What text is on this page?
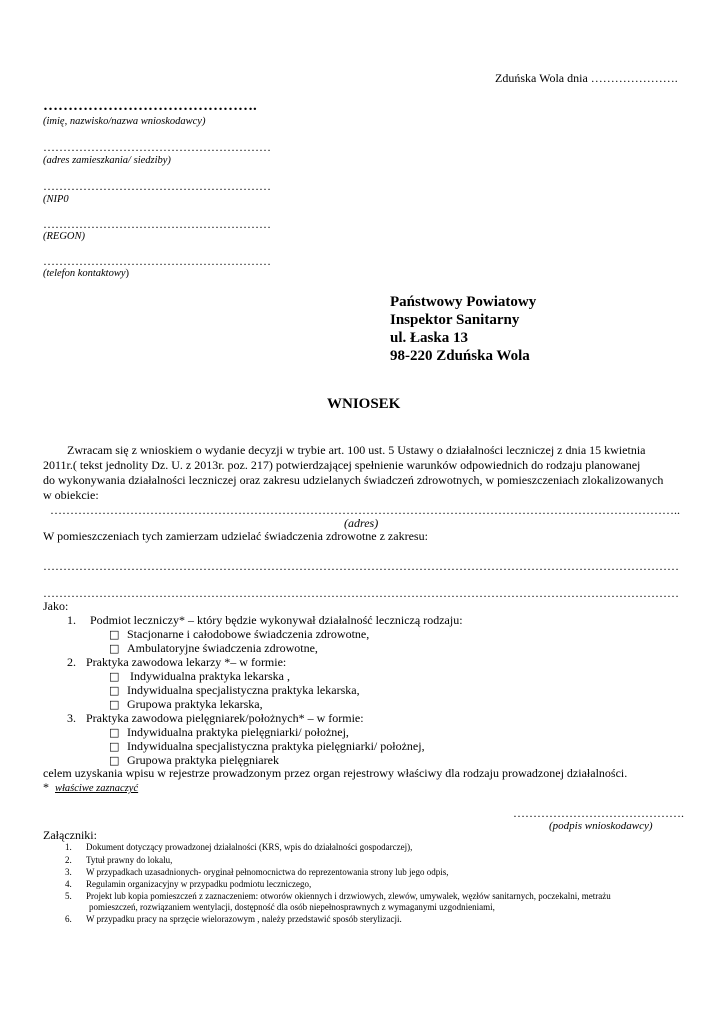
Zduńska Wola dnia ………………….
…………………………………….
(imię, nazwisko/nazwa wnioskodawcy)
…………………………………………………
(adres zamieszkania/ siedziby)
…………………………………………………
(NIP0
…………………………………………………
(REGON)
…………………………………………………
(telefon kontaktowy)
Państwowy Powiatowy
Inspektor Sanitarny
ul. Łaska 13
98-220 Zduńska Wola
WNIOSEK
Zwracam się z wnioskiem o wydanie decyzji w trybie art. 100 ust. 5 Ustawy o działalności leczniczej z dnia 15 kwietnia
2011r.( tekst jednolity Dz. U. z 2013r. poz. 217) potwierdzającej spełnienie warunków odpowiednich do rodzaju planowanej
do wykonywania działalności leczniczej oraz zakresu udzielanych świadczeń zdrowotnych, w pomieszczeniach zlokalizowanych
w obiekcie:
…………………………………………………………………………………………………………………………………………..
(adres)
W pomieszczeniach tych zamierzam udzielać świadczenia zdrowotne z zakresu:
……………………………………………………………………………………………………………………………………………
……………………………………………………………………………………………………………………………………………
Jako:
1. Podmiot leczniczy* – który będzie wykonywał działalność leczniczą rodzaju:
□ Stacjonarne i całodobowe świadczenia zdrowotne,
□ Ambulatoryjne świadczenia zdrowotne,
2. Praktyka zawodowa lekarzy *– w formie:
□ Indywidualna praktyka lekarska ,
□ Indywidualna specjalistyczna praktyka lekarska,
□ Grupowa praktyka lekarska,
3. Praktyka zawodowa pielęgniarek/położnych* – w formie:
□ Indywidualna praktyka pielęgniarki/ położnej,
□ Indywidualna specjalistyczna praktyka pielęgniarki/ położnej,
□ Grupowa praktyka pielęgniarek
celem uzyskania wpisu w rejestrze prowadzonym przez organ rejestrowy właściwy dla rodzaju prowadzonej działalności.
* właściwe zaznaczyć
…………………………………….
(podpis wnioskodawcy)
Załączniki:
1. Dokument dotyczący prowadzonej działalności (KRS, wpis do działalności gospodarczej),
2. Tytuł prawny do lokalu,
3. W przypadkach uzasadnionych- oryginał pełnomocnictwa do reprezentowania strony lub jego odpis,
4. Regulamin organizacyjny w przypadku podmiotu leczniczego,
5. Projekt lub kopia pomieszczeń z zaznaczeniem: otworów okiennych i drzwiowych, zlewów, umywalek, węzłów sanitarnych, poczekalni, metrażu
pomieszczeń, rozwiązaniem wentylacji, dostępność dla osób niepełnosprawnych z wymaganymi uzgodnieniami,
6. W przypadku pracy na sprzęcie wielorazowym , należy przedstawić sposób sterylizacji.
